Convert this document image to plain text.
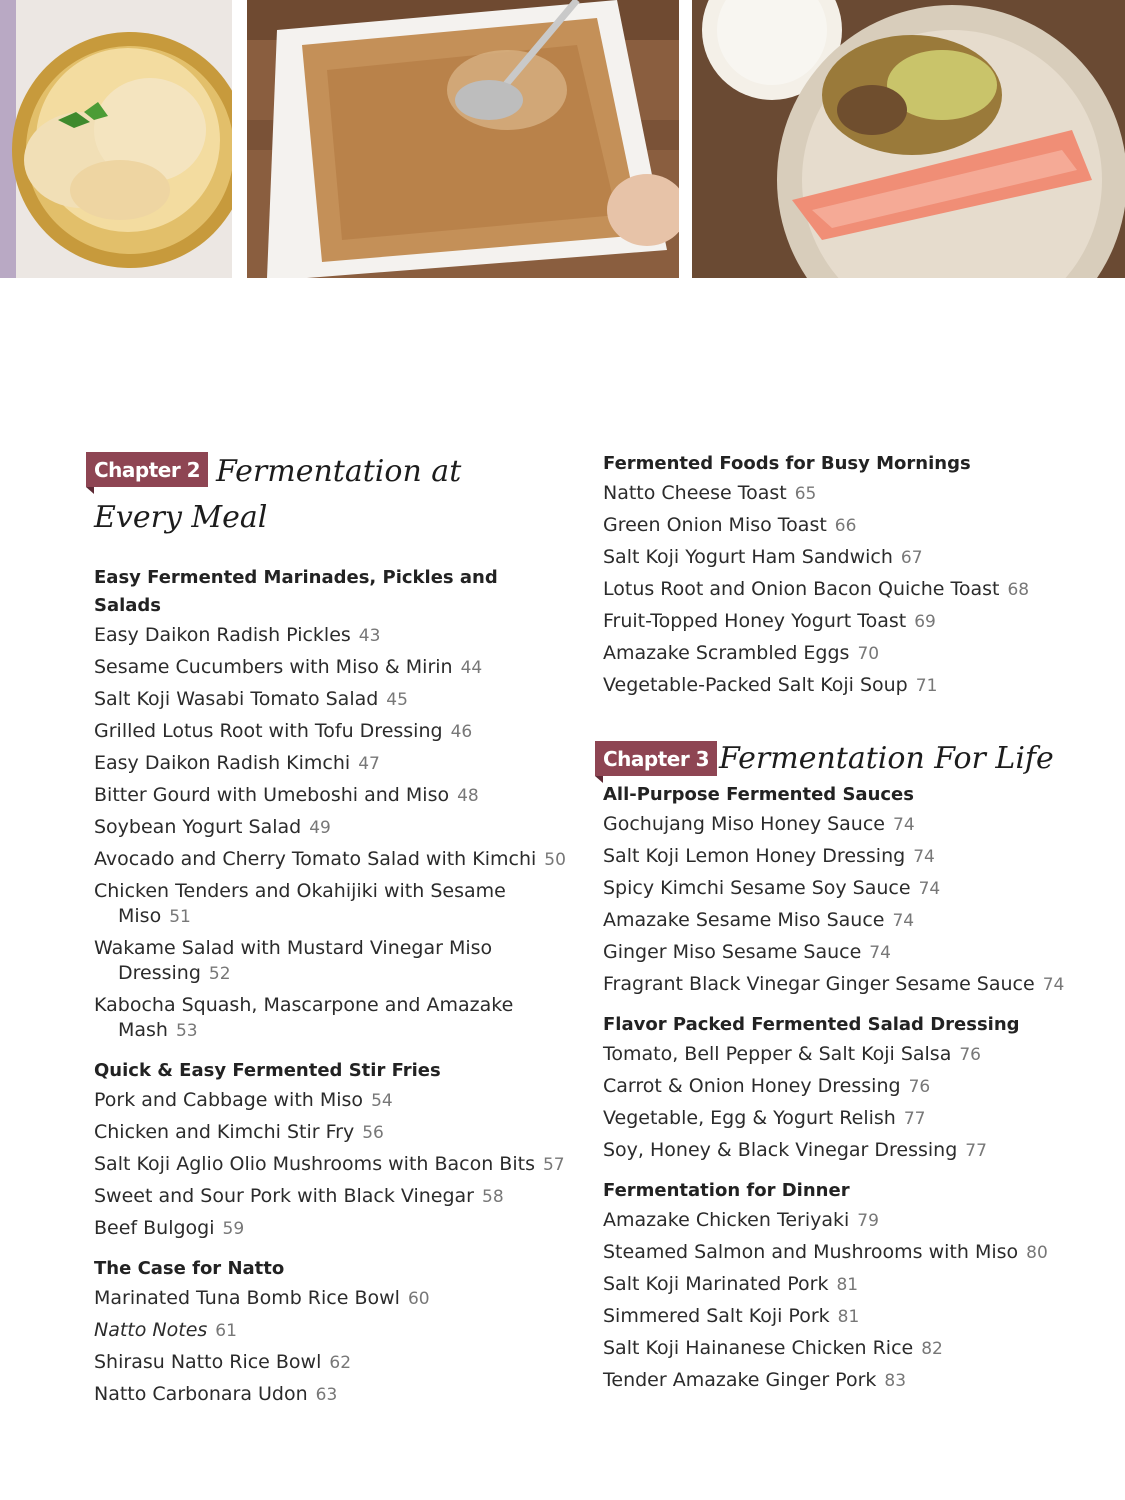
Chapter 2 Fermentation at
Every Meal
Easy Fermented Marinades, Pickles and Salads
Easy Daikon Radish Pickles 43
Sesame Cucumbers with Miso & Mirin 44
Salt Koji Wasabi Tomato Salad 45
Grilled Lotus Root with Tofu Dressing 46
Easy Daikon Radish Kimchi 47
Bitter Gourd with Umeboshi and Miso 48
Soybean Yogurt Salad 49
Avocado and Cherry Tomato Salad with Kimchi 50
Chicken Tenders and Okahijiki with Sesame Miso 51
Wakame Salad with Mustard Vinegar Miso Dressing 52
Kabocha Squash, Mascarpone and Amazake Mash 53
Quick & Easy Fermented Stir Fries
Pork and Cabbage with Miso 54
Chicken and Kimchi Stir Fry 56
Salt Koji Aglio Olio Mushrooms with Bacon Bits 57
Sweet and Sour Pork with Black Vinegar 58
Beef Bulgogi 59
The Case for Natto
Marinated Tuna Bomb Rice Bowl 60
Natto Notes 61
Shirasu Natto Rice Bowl 62
Natto Carbonara Udon 63
Fermented Foods for Busy Mornings
Natto Cheese Toast 65
Green Onion Miso Toast 66
Salt Koji Yogurt Ham Sandwich 67
Lotus Root and Onion Bacon Quiche Toast 68
Fruit-Topped Honey Yogurt Toast 69
Amazake Scrambled Eggs 70
Vegetable-Packed Salt Koji Soup 71
Chapter 3 Fermentation For Life
All-Purpose Fermented Sauces
Gochujang Miso Honey Sauce 74
Salt Koji Lemon Honey Dressing 74
Spicy Kimchi Sesame Soy Sauce 74
Amazake Sesame Miso Sauce 74
Ginger Miso Sesame Sauce 74
Fragrant Black Vinegar Ginger Sesame Sauce 74
Flavor Packed Fermented Salad Dressing
Tomato, Bell Pepper & Salt Koji Salsa 76
Carrot & Onion Honey Dressing 76
Vegetable, Egg & Yogurt Relish 77
Soy, Honey & Black Vinegar Dressing 77
Fermentation for Dinner
Amazake Chicken Teriyaki 79
Steamed Salmon and Mushrooms with Miso 80
Salt Koji Marinated Pork 81
Simmered Salt Koji Pork 81
Salt Koji Hainanese Chicken Rice 82
Tender Amazake Ginger Pork 83
